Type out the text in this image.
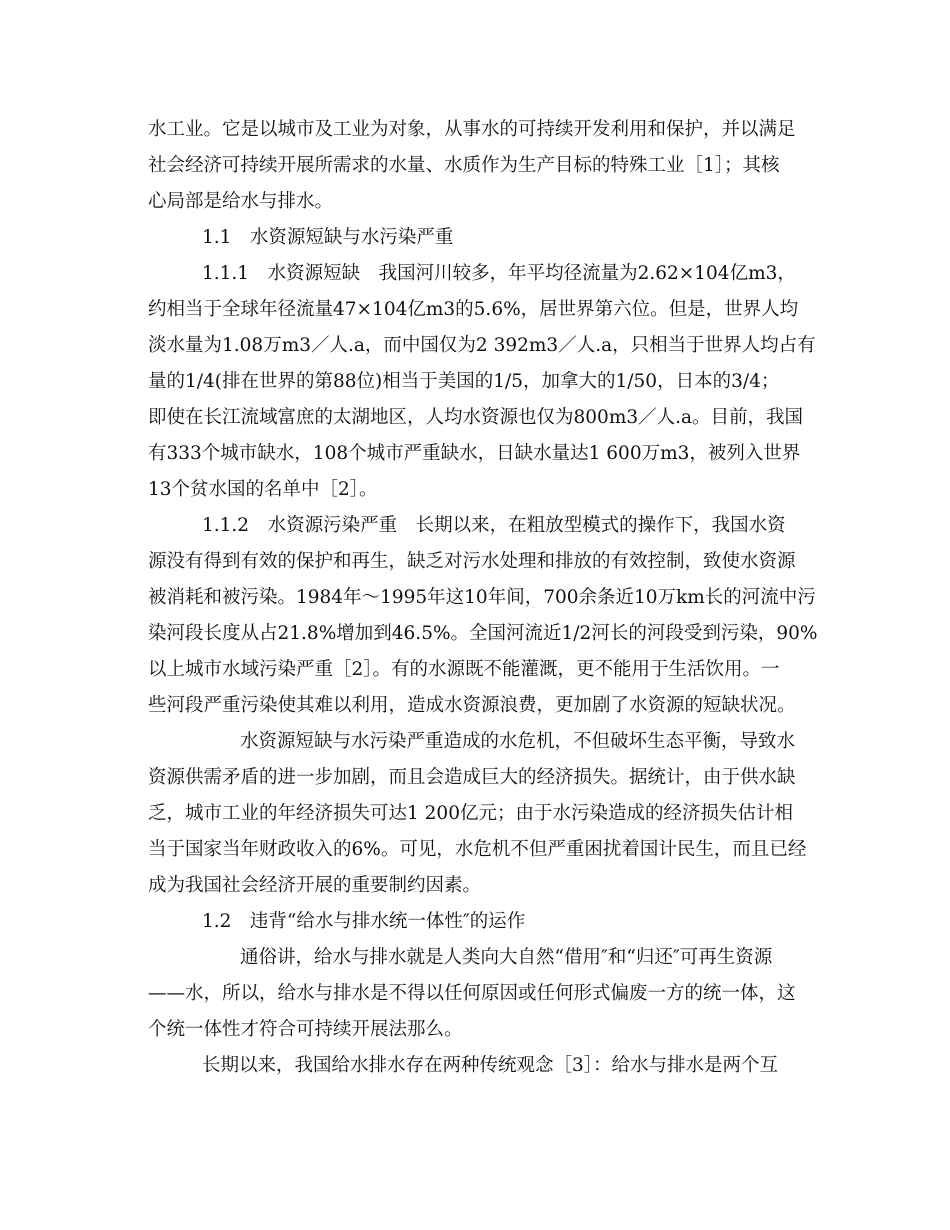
水工业。它是以城市及工业为对象，从事水的可持续开发利用和保护，并以满足
社会经济可持续开展所需求的水量、水质作为生产目标的特殊工业［1］；其核
心局部是给水与排水。
1.1　水资源短缺与水污染严重
1.1.1　水资源短缺　我国河川较多，年平均径流量为2.62×104亿m3，
约相当于全球年径流量47×104亿m3的5.6%，居世界第六位。但是，世界人均
淡水量为1.08万m3／人.a，而中国仅为2 392m3／人.a，只相当于世界人均占有
量的1/4(排在世界的第88位)相当于美国的1/5，加拿大的1/50，日本的3/4；
即使在长江流域富庶的太湖地区，人均水资源也仅为800m3／人.a。目前，我国
有333个城市缺水，108个城市严重缺水，日缺水量达1 600万m3，被列入世界
13个贫水国的名单中［2］。
1.1.2　水资源污染严重　长期以来，在粗放型模式的操作下，我国水资
源没有得到有效的保护和再生，缺乏对污水处理和排放的有效控制，致使水资源
被消耗和被污染。1984年～1995年这10年间，700余条近10万km长的河流中污
染河段长度从占21.8%增加到46.5%。全国河流近1/2河长的河段受到污染，90%
以上城市水域污染严重［2］。有的水源既不能灌溉，更不能用于生活饮用。一
些河段严重污染使其难以利用，造成水资源浪费，更加剧了水资源的短缺状况。
水资源短缺与水污染严重造成的水危机，不但破坏生态平衡，导致水
资源供需矛盾的进一步加剧，而且会造成巨大的经济损失。据统计，由于供水缺
乏，城市工业的年经济损失可达1 200亿元；由于水污染造成的经济损失估计相
当于国家当年财政收入的6%。可见，水危机不但严重困扰着国计民生，而且已经
成为我国社会经济开展的重要制约因素。
1.2　违背“给水与排水统一体性″的运作
通俗讲，给水与排水就是人类向大自然“借用″和“归还″可再生资源
——水，所以，给水与排水是不得以任何原因或任何形式偏废一方的统一体，这
个统一体性才符合可持续开展法那么。
长期以来，我国给水排水存在两种传统观念［3］：给水与排水是两个互
